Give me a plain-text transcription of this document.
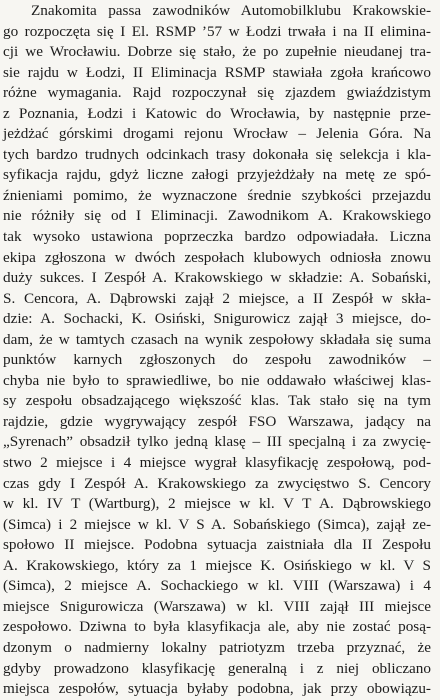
Znakomita passa zawodników Automobilklubu Krakowskie-
go rozpoczęta się I El. RSMP ’57 w Łodzi trwała i na II elimina-
cji we Wrocławiu. Dobrze się stało, że po zupełnie nieudanej tra-
sie rajdu w Łodzi, II Eliminacja RSMP stawiała zgoła krańcowo
różne wymagania. Rajd rozpoczynał się zjazdem gwiaździstym
z Poznania, Łodzi i Katowic do Wrocławia, by następnie prze-
jeżdżać górskimi drogami rejonu Wrocław – Jelenia Góra. Na
tych bardzo trudnych odcinkach trasy dokonała się selekcja i kla-
syfikacja rajdu, gdyż liczne załogi przyjeżdżały na metę ze spó-
źnieniami pomimo, że wyznaczone średnie szybkości przejazdu
nie różniły się od I Eliminacji. Zawodnikom A. Krakowskiego
tak wysoko ustawiona poprzeczka bardzo odpowiadała. Liczna
ekipa zgłoszona w dwóch zespołach klubowych odniosła znowu
duży sukces. I Zespół A. Krakowskiego w składzie: A. Sobański,
S. Cencora, A. Dąbrowski zajął 2 miejsce, a II Zespół w skła-
dzie: A. Sochacki, K. Osiński, Snigurowicz zajął 3 miejsce, do-
dam, że w tamtych czasach na wynik zespołowy składała się suma
punktów karnych zgłoszonych do zespołu zawodników –
chyba nie było to sprawiedliwe, bo nie oddawało właściwej klas-
sy zespołu obsadzającego większość klas. Tak stało się na tym
rajdzie, gdzie wygrywający zespół FSO Warszawa, jadący na
„Syrenach” obsadził tylko jedną klasę – III specjalną i za zwycię-
stwo 2 miejsce i 4 miejsce wygrał klasyfikację zespołową, pod-
czas gdy I Zespół A. Krakowskiego za zwycięstwo S. Cencory
w kl. IV T (Wartburg), 2 miejsce w kl. V T A. Dąbrowskiego
(Simca) i 2 miejsce w kl. V S A. Sobańskiego (Simca), zajął ze-
społowo II miejsce. Podobna sytuacja zaistniała dla II Zespołu
A. Krakowskiego, który za 1 miejsce K. Osińskiego w kl. V S
(Simca), 2 miejsce A. Sochackiego w kl. VIII (Warszawa) i 4
miejsce Snigurowicza (Warszawa) w kl. VIII zajął III miejsce
zespołowo. Dziwna to była klasyfikacja ale, aby nie zostać posą-
dzonym o nadmierny lokalny patriotyzm trzeba przyznać, że
gdyby prowadzono klasyfikację generalną i z niej obliczano
miejsca zespołów, sytuacja byłaby podobna, jak przy obowiązu-
